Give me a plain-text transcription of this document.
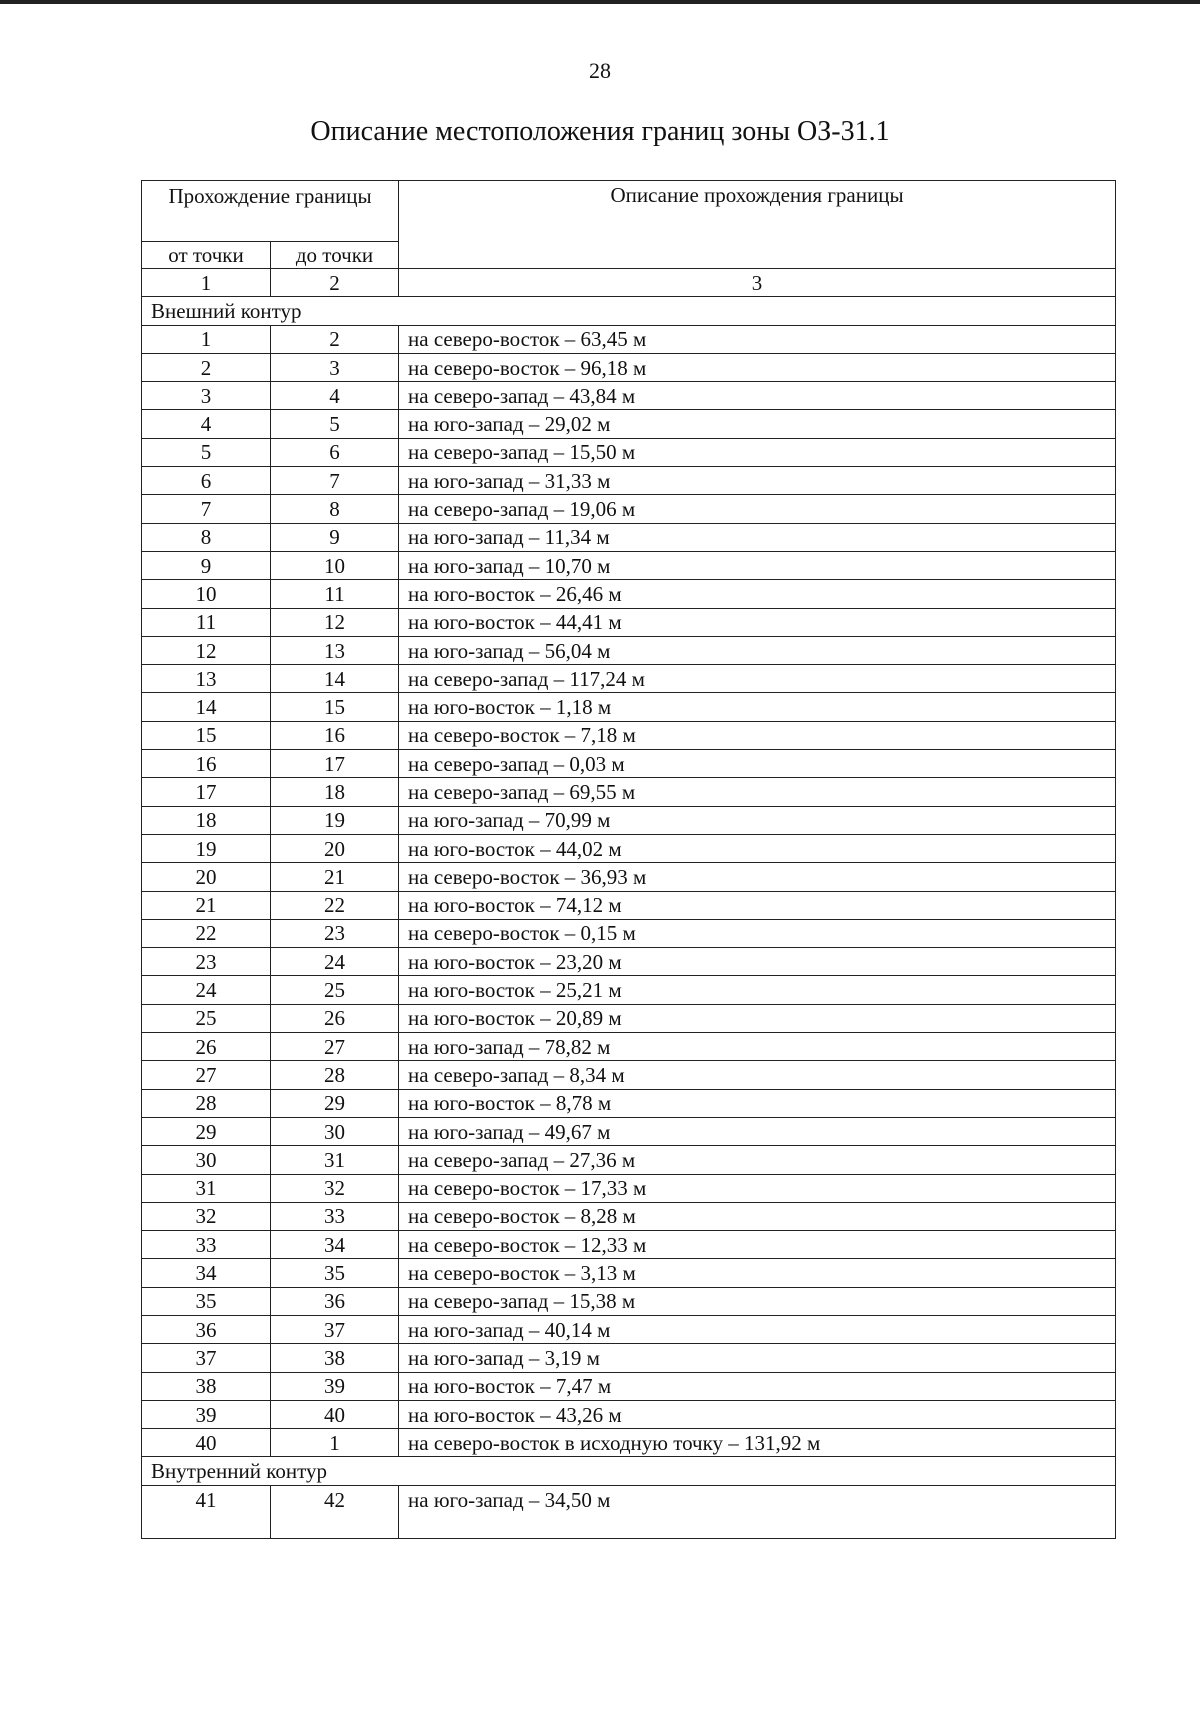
28
Описание местоположения границ зоны ОЗ-31.1
Прохождение границы		Описание прохождения границы
от точки	до точки	
1	2	3
Внешний контур		
1	2	на северо-восток – 63,45 м
2	3	на северо-восток – 96,18 м
3	4	на северо-запад – 43,84 м
4	5	на юго-запад – 29,02 м
5	6	на северо-запад – 15,50 м
6	7	на юго-запад – 31,33 м
7	8	на северо-запад – 19,06 м
8	9	на юго-запад – 11,34 м
9	10	на юго-запад – 10,70 м
10	11	на юго-восток – 26,46 м
11	12	на юго-восток – 44,41 м
12	13	на юго-запад – 56,04 м
13	14	на северо-запад – 117,24 м
14	15	на юго-восток – 1,18 м
15	16	на северо-восток – 7,18 м
16	17	на северо-запад – 0,03 м
17	18	на северо-запад – 69,55 м
18	19	на юго-запад – 70,99 м
19	20	на юго-восток – 44,02 м
20	21	на северо-восток – 36,93 м
21	22	на юго-восток – 74,12 м
22	23	на северо-восток – 0,15 м
23	24	на юго-восток – 23,20 м
24	25	на юго-восток – 25,21 м
25	26	на юго-восток – 20,89 м
26	27	на юго-запад – 78,82 м
27	28	на северо-запад – 8,34 м
28	29	на юго-восток – 8,78 м
29	30	на юго-запад – 49,67 м
30	31	на северо-запад – 27,36 м
31	32	на северо-восток – 17,33 м
32	33	на северо-восток – 8,28 м
33	34	на северо-восток – 12,33 м
34	35	на северо-восток – 3,13 м
35	36	на северо-запад – 15,38 м
36	37	на юго-запад – 40,14 м
37	38	на юго-запад – 3,19 м
38	39	на юго-восток – 7,47 м
39	40	на юго-восток – 43,26 м
40	1	на северо-восток в исходную точку – 131,92 м
Внутренний контур		
41	42	на юго-запад – 34,50 м
